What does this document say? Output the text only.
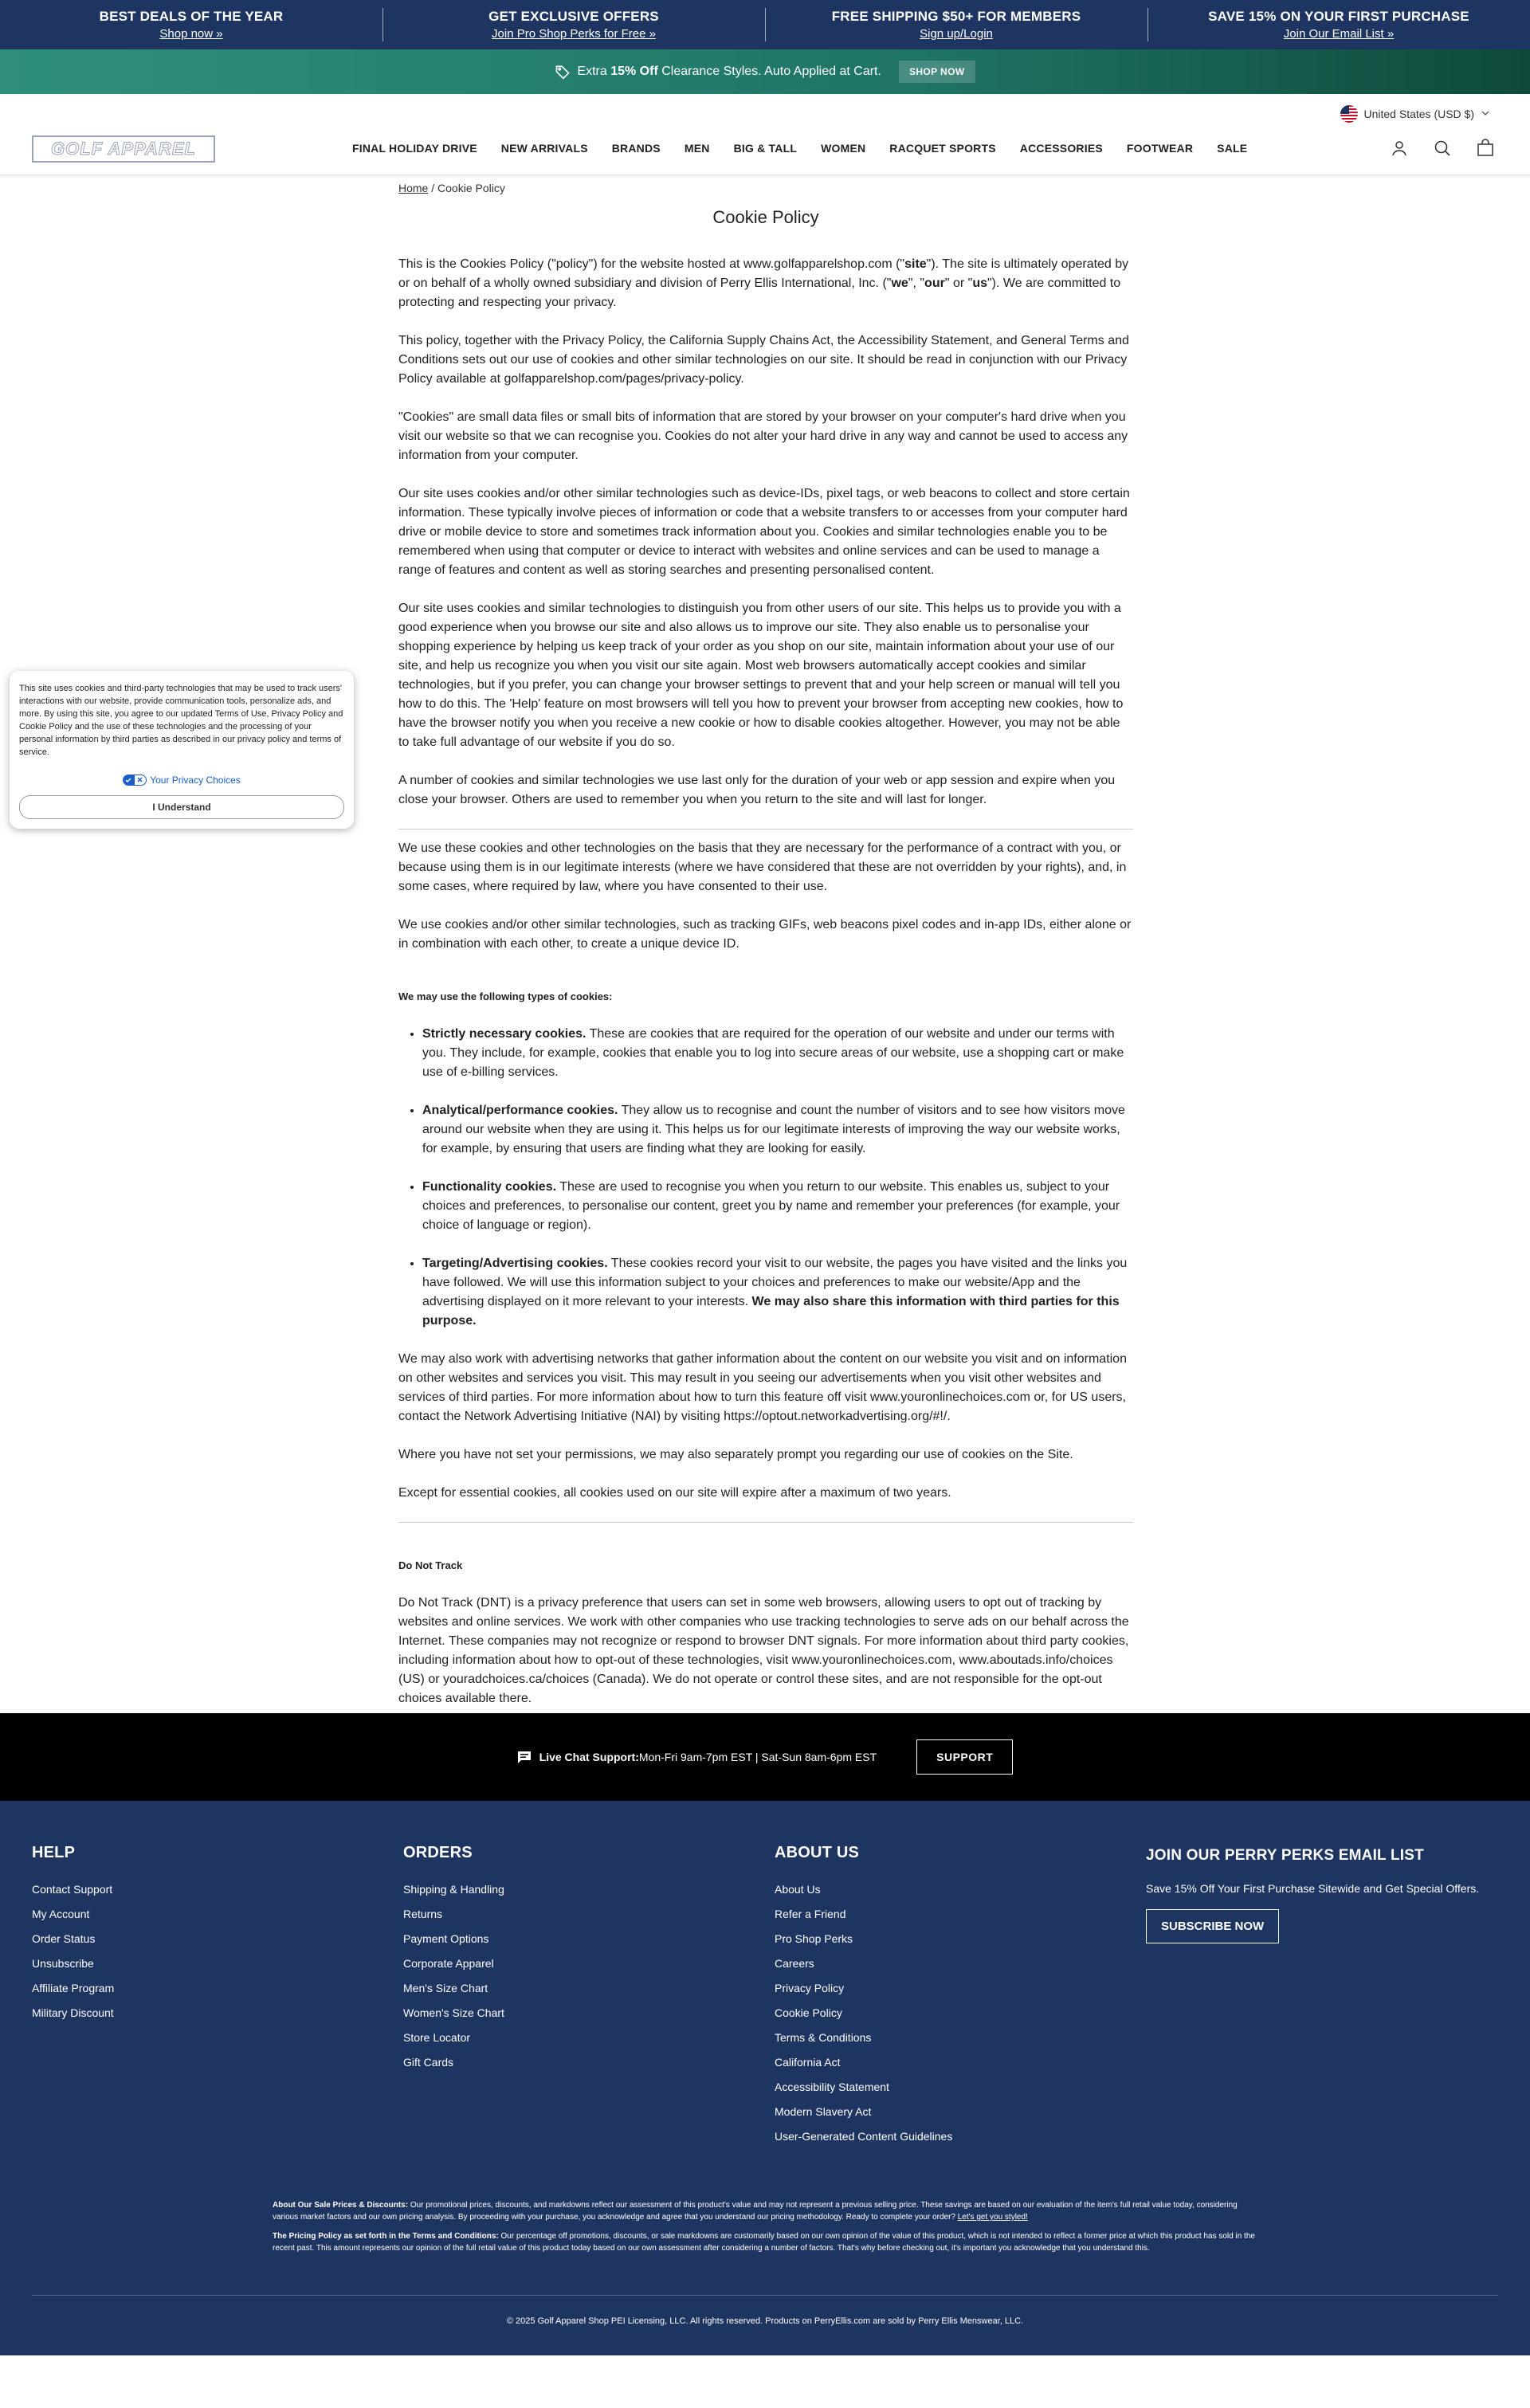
BEST DEALS OF THE YEAR
Shop now »
GET EXCLUSIVE OFFERS
Join Pro Shop Perks for Free »
FREE SHIPPING $50+ FOR MEMBERS
Sign up/Login
SAVE 15% ON YOUR FIRST PURCHASE
Join Our Email List »
Extra 15% Off Clearance Styles. Auto Applied at Cart.	SHOP NOW
United States (USD $)
GOLF APPAREL	FINAL HOLIDAY DRIVE NEW ARRIVALS BRANDS MEN BIG & TALL WOMEN RACQUET SPORTS ACCESSORIES FOOTWEAR SALE
This site uses cookies and third-party technologies that may be used to track users' interactions with our website, provide communication tools, personalize ads, and more. By using this site, you agree to our updated Terms of Use, Privacy Policy and Cookie Policy and the use of these technologies and the processing of your personal information by third parties as described in our privacy policy and terms of service.
Your Privacy Choices
I Understand
Home / Cookie Policy
Cookie Policy

This is the Cookies Policy ("policy") for the website hosted at www.golfapparelshop.com ("site"). The site is ultimately operated by or on behalf of a wholly owned subsidiary and division of Perry Ellis International, Inc. ("we", "our" or "us"). We are committed to protecting and respecting your privacy.

This policy, together with the Privacy Policy, the California Supply Chains Act, the Accessibility Statement, and General Terms and Conditions sets out our use of cookies and other similar technologies on our site. It should be read in conjunction with our Privacy Policy available at golfapparelshop.com/pages/privacy-policy.

"Cookies" are small data files or small bits of information that are stored by your browser on your computer's hard drive when you visit our website so that we can recognise you. Cookies do not alter your hard drive in any way and cannot be used to access any information from your computer.

Our site uses cookies and/or other similar technologies such as device-IDs, pixel tags, or web beacons to collect and store certain information. These typically involve pieces of information or code that a website transfers to or accesses from your computer hard drive or mobile device to store and sometimes track information about you. Cookies and similar technologies enable you to be remembered when using that computer or device to interact with websites and online services and can be used to manage a range of features and content as well as storing searches and presenting personalised content.

Our site uses cookies and similar technologies to distinguish you from other users of our site. This helps us to provide you with a good experience when you browse our site and also allows us to improve our site. They also enable us to personalise your shopping experience by helping us keep track of your order as you shop on our site, maintain information about your use of our site, and help us recognize you when you visit our site again. Most web browsers automatically accept cookies and similar technologies, but if you prefer, you can change your browser settings to prevent that and your help screen or manual will tell you how to do this. The 'Help' feature on most browsers will tell you how to prevent your browser from accepting new cookies, how to have the browser notify you when you receive a new cookie or how to disable cookies altogether. However, you may not be able to take full advantage of our website if you do so.

A number of cookies and similar technologies we use last only for the duration of your web or app session and expire when you close your browser. Others are used to remember you when you return to the site and will last for longer.

We use these cookies and other technologies on the basis that they are necessary for the performance of a contract with you, or because using them is in our legitimate interests (where we have considered that these are not overridden by your rights), and, in some cases, where required by law, where you have consented to their use.

We use cookies and/or other similar technologies, such as tracking GIFs, web beacons pixel codes and in-app IDs, either alone or in combination with each other, to create a unique device ID.

We may use the following types of cookies:
• Strictly necessary cookies. These are cookies that are required for the operation of our website and under our terms with you. They include, for example, cookies that enable you to log into secure areas of our website, use a shopping cart or make use of e-billing services.
• Analytical/performance cookies. They allow us to recognise and count the number of visitors and to see how visitors move around our website when they are using it. This helps us for our legitimate interests of improving the way our website works, for example, by ensuring that users are finding what they are looking for easily.
• Functionality cookies. These are used to recognise you when you return to our website. This enables us, subject to your choices and preferences, to personalise our content, greet you by name and remember your preferences (for example, your choice of language or region).
• Targeting/Advertising cookies. These cookies record your visit to our website, the pages you have visited and the links you have followed. We will use this information subject to your choices and preferences to make our website/App and the advertising displayed on it more relevant to your interests. We may also share this information with third parties for this purpose.

We may also work with advertising networks that gather information about the content on our website you visit and on information on other websites and services you visit. This may result in you seeing our advertisements when you visit other websites and services of third parties. For more information about how to turn this feature off visit www.youronlinechoices.com or, for US users, contact the Network Advertising Initiative (NAI) by visiting https://optout.networkadvertising.org/#!/.

Where you have not set your permissions, we may also separately prompt you regarding our use of cookies on the Site.

Except for essential cookies, all cookies used on our site will expire after a maximum of two years.

Do Not Track

Do Not Track (DNT) is a privacy preference that users can set in some web browsers, allowing users to opt out of tracking by websites and online services. We work with other companies who use tracking technologies to serve ads on our behalf across the Internet. These companies may not recognize or respond to browser DNT signals. For more information about third party cookies, including information about how to opt-out of these technologies, visit www.youronlinechoices.com, www.aboutads.info/choices (US) or youradchoices.ca/choices (Canada). We do not operate or control these sites, and are not responsible for the opt-out choices available there.

Live Chat Support: Mon-Fri 9am-7pm EST | Sat-Sun 8am-6pm EST	SUPPORT
HELP
Contact Support
My Account
Order Status
Unsubscribe
Affiliate Program
Military Discount
ORDERS
Shipping & Handling
Returns
Payment Options
Corporate Apparel
Men's Size Chart
Women's Size Chart
Store Locator
Gift Cards
ABOUT US
About Us
Refer a Friend
Pro Shop Perks
Careers
Privacy Policy
Cookie Policy
Terms & Conditions
California Act
Accessibility Statement
Modern Slavery Act
User-Generated Content Guidelines
JOIN OUR PERRY PERKS EMAIL LIST

Save 15% Off Your First Purchase Sitewide and Get Special Offers.

SUBSCRIBE NOW

About Our Sale Prices & Discounts: Our promotional prices, discounts, and markdowns reflect our assessment of this product's value and may not represent a previous selling price. These savings are based on our evaluation of the item's full retail value today, considering various market factors and our own pricing analysis. By proceeding with your purchase, you acknowledge and agree that you understand our pricing methodology. Ready to complete your order? Let's get you styled!

The Pricing Policy as set forth in the Terms and Conditions: Our percentage off promotions, discounts, or sale markdowns are customarily based on our own opinion of the value of this product, which is not intended to reflect a former price at which this product has sold in the recent past. This amount represents our opinion of the full retail value of this product today based on our own assessment after considering a number of factors. That's why before checking out, it's important you acknowledge that you understand this.

© 2025 Golf Apparel Shop PEI Licensing, LLC. All rights reserved. Products on PerryEllis.com are sold by Perry Ellis Menswear, LLC.
